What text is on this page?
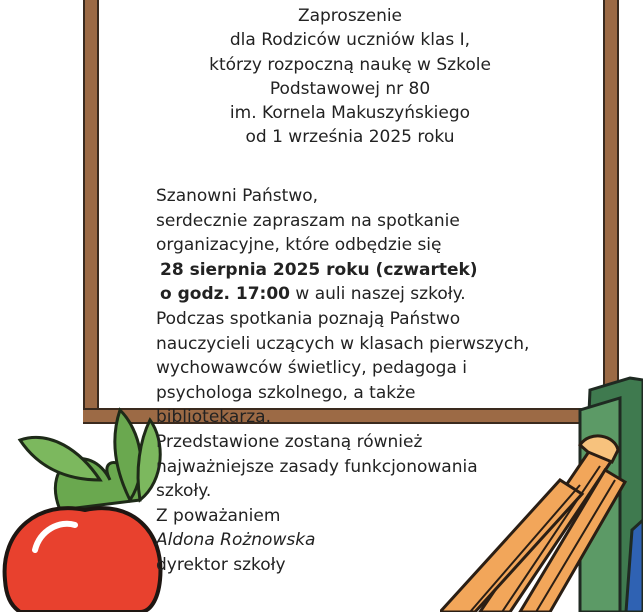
Zaproszenie
dla Rodziców uczniów klas I,
którzy rozpoczną naukę w Szkole
Podstawowej nr 80
im. Kornela Makuszyńskiego
od 1 września 2025 roku
Szanowni Państwo,
serdecznie zapraszam na spotkanie
organizacyjne, które odbędzie się
28 sierpnia 2025 roku (czwartek)
o godz. 17:00 w auli naszej szkoły.
Podczas spotkania poznają Państwo
nauczycieli uczących w klasach pierwszych,
wychowawców świetlicy, pedagoga i
psychologa szkolnego, a także
bibliotekarza.
Przedstawione zostaną również
najważniejsze zasady funkcjonowania
szkoły.
Z poważaniem
Aldona Rożnowska
dyrektor szkoły
